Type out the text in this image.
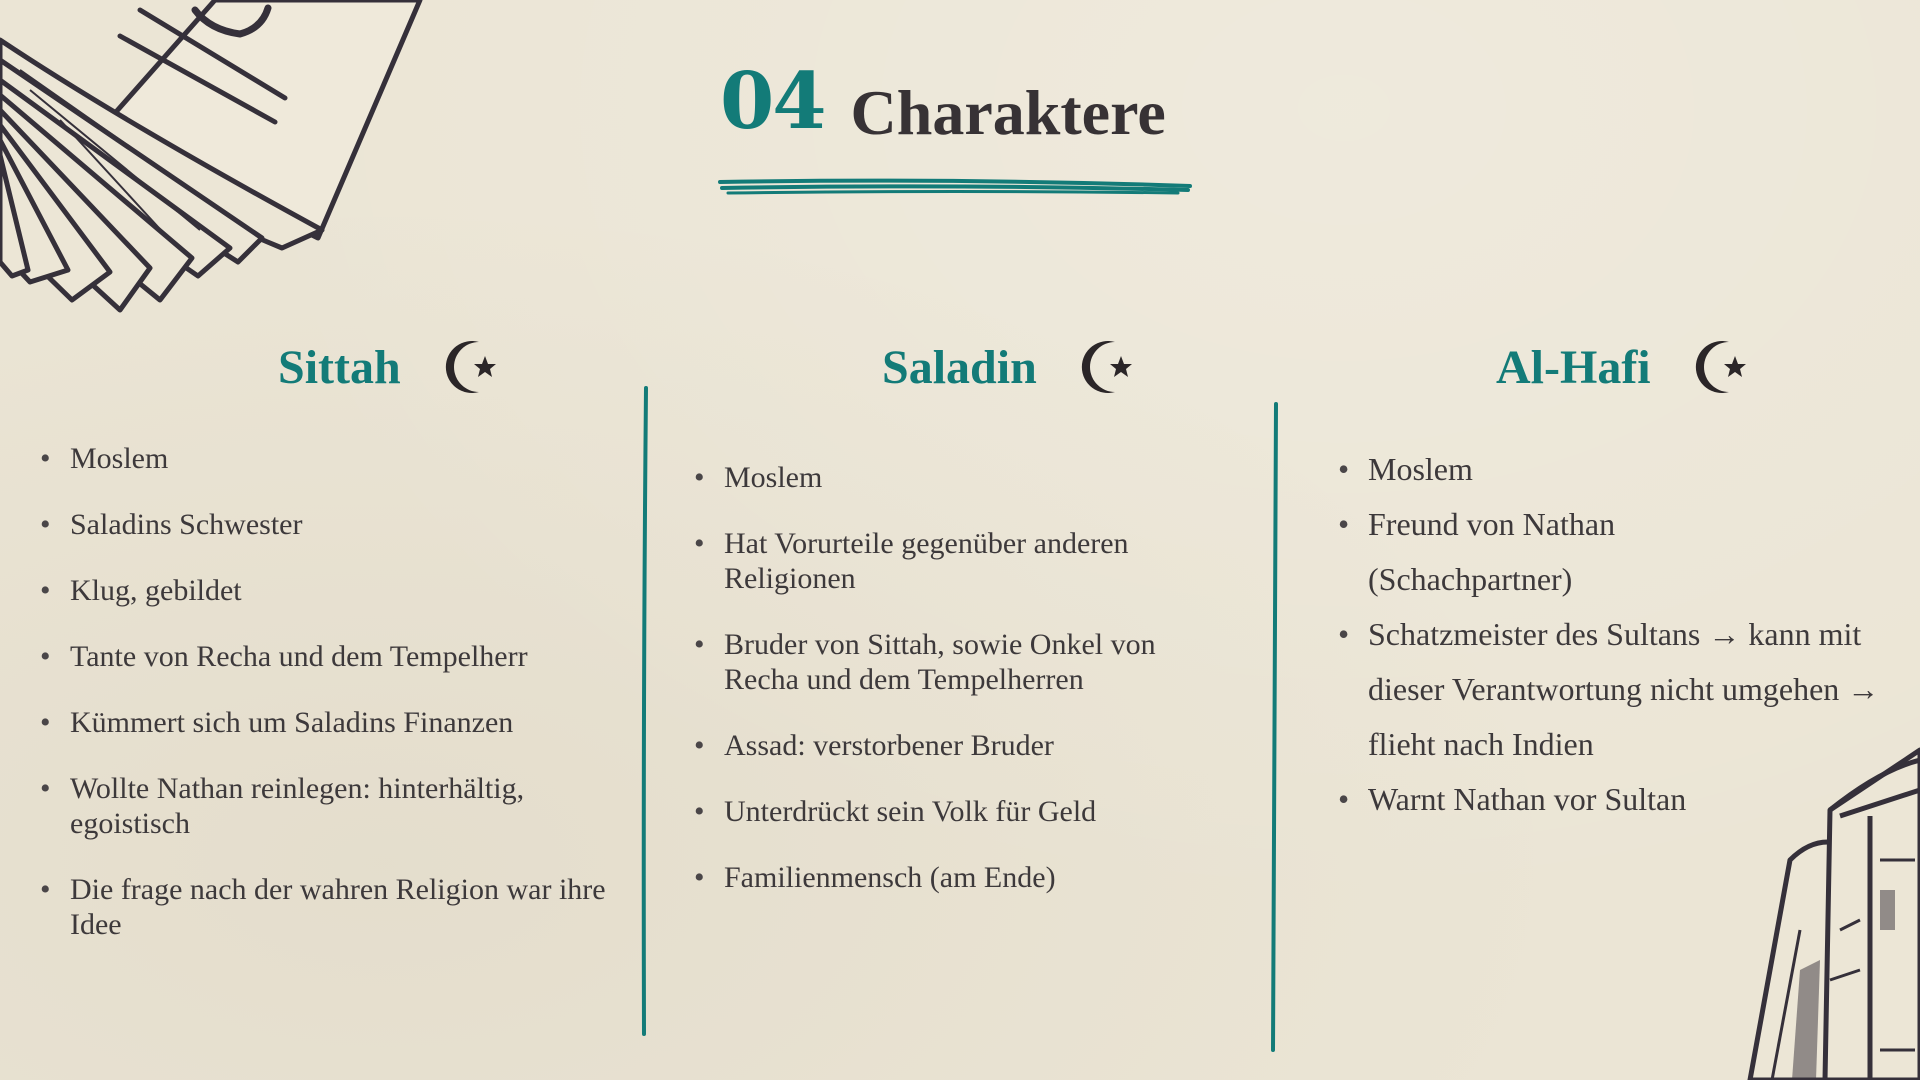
04 Charaktere
Sittah
• Moslem
• Saladins Schwester
• Klug, gebildet
• Tante von Recha und dem Tempelherr
• Kümmert sich um Saladins Finanzen
• Wollte Nathan reinlegen: hinterhältig, egoistisch
• Die frage nach der wahren Religion war ihre Idee
Saladin
• Moslem
• Hat Vorurteile gegenüber anderen Religionen
• Bruder von Sittah, sowie Onkel von Recha und dem Tempelherren
• Assad: verstorbener Bruder
• Unterdrückt sein Volk für Geld
• Familienmensch (am Ende)
Al-Hafi
• Moslem
• Freund von Nathan (Schachpartner)
• Schatzmeister des Sultans → kann mit dieser Verantwortung nicht umgehen → flieht nach Indien
• Warnt Nathan vor Sultan
